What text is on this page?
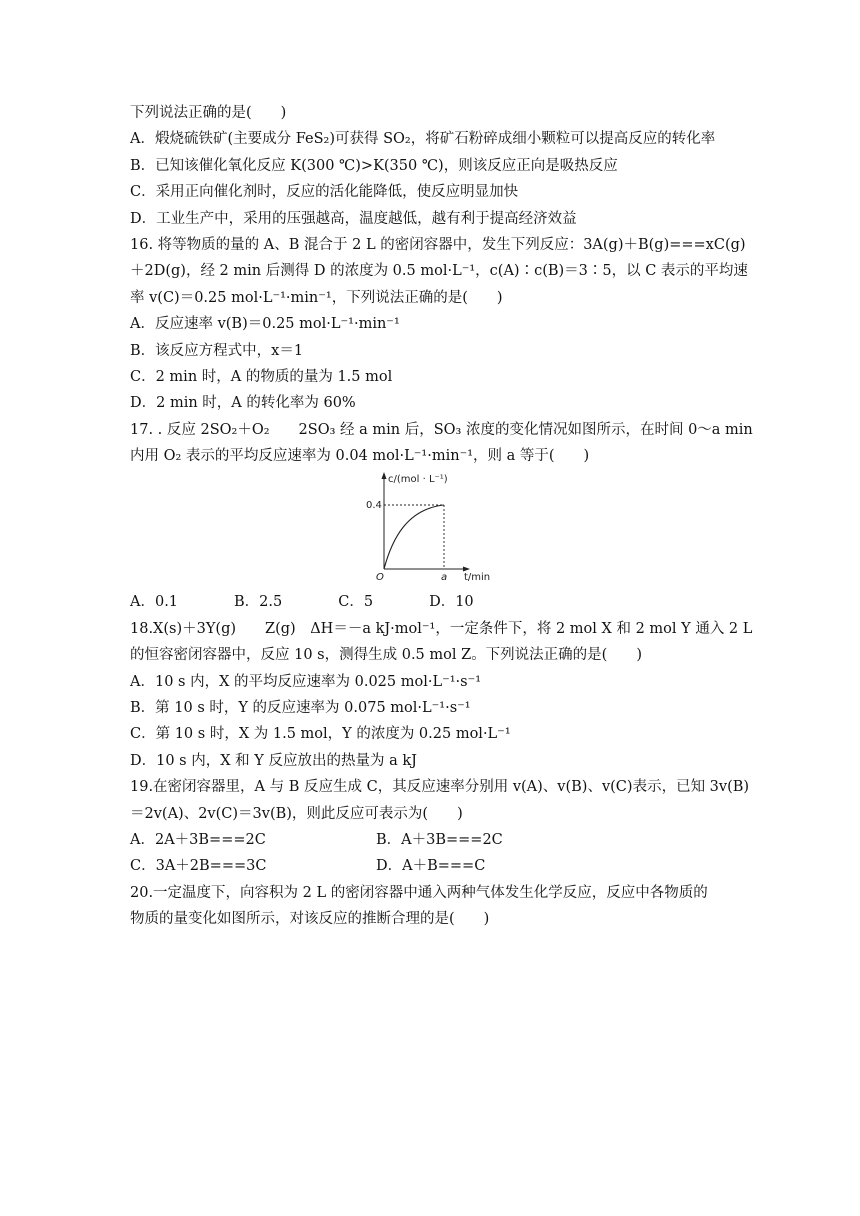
下列说法正确的是(　　)
A．煅烧硫铁矿(主要成分 FeS₂)可获得 SO₂，将矿石粉碎成细小颗粒可以提高反应的转化率
B．已知该催化氧化反应 K(300 ℃)>K(350 ℃)，则该反应正向是吸热反应
C．采用正向催化剂时，反应的活化能降低，使反应明显加快
D．工业生产中，采用的压强越高，温度越低，越有利于提高经济效益
16. 将等物质的量的 A、B 混合于 2 L 的密闭容器中，发生下列反应：3A(g)＋B(g)===xC(g)
＋2D(g)，经 2 min 后测得 D 的浓度为 0.5 mol·L⁻¹，c(A)∶c(B)＝3∶5，以 C 表示的平均速
率 v(C)＝0.25 mol·L⁻¹·min⁻¹，下列说法正确的是(　　)
A．反应速率 v(B)＝0.25 mol·L⁻¹·min⁻¹
B．该反应方程式中，x＝1
C．2 min 时，A 的物质的量为 1.5 mol
D．2 min 时，A 的转化率为 60%
17. . 反应 2SO₂＋O₂　　2SO₃ 经 a min 后，SO₃ 浓度的变化情况如图所示，在时间 0～a min
内用 O₂ 表示的平均反应速率为 0.04 mol·L⁻¹·min⁻¹，则 a 等于(　　)
c/(mol · L⁻¹)
0.4
O	a t/min
A．0.1	B．2.5	C．5	D．10
18.X(s)＋3Y(g)　　Z(g)　ΔH＝－a kJ·mol⁻¹，一定条件下，将 2 mol X 和 2 mol Y 通入 2 L
的恒容密闭容器中，反应 10 s，测得生成 0.5 mol Z。下列说法正确的是(　　)
A．10 s 内，X 的平均反应速率为 0.025 mol·L⁻¹·s⁻¹
B．第 10 s 时，Y 的反应速率为 0.075 mol·L⁻¹·s⁻¹
C．第 10 s 时，X 为 1.5 mol，Y 的浓度为 0.25 mol·L⁻¹
D．10 s 内，X 和 Y 反应放出的热量为 a kJ
19.在密闭容器里，A 与 B 反应生成 C，其反应速率分别用 v(A)、v(B)、v(C)表示，已知 3v(B)
＝2v(A)、2v(C)＝3v(B)，则此反应可表示为(　　)
A．2A＋3B===2C	B．A＋3B===2C
C．3A＋2B===3C	D．A＋B===C
20.一定温度下，向容积为 2 L 的密闭容器中通入两种气体发生化学反应，反应中各物质的
物质的量变化如图所示，对该反应的推断合理的是(　　)
